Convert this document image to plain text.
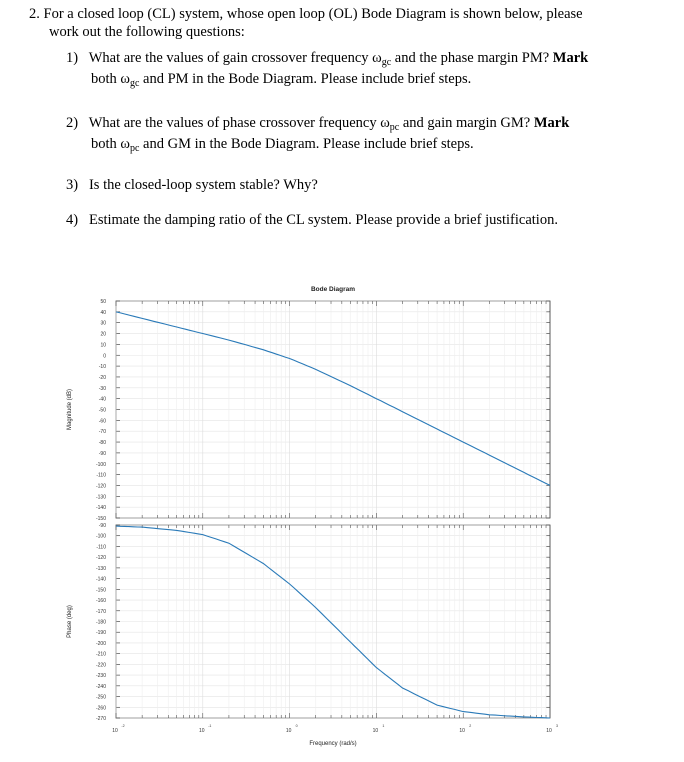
2. For a closed loop (CL) system, whose open loop (OL) Bode Diagram is shown below, please
work out the following questions:
1) What are the values of gain crossover frequency $\omega_{gc}$ and the phase margin PM? Mark
both $\omega_{gc}$ and PM in the Bode Diagram. Please include brief steps.
2) What are the values of phase crossover frequency $\omega_{pc}$ and gain margin GM? Mark
both $\omega_{pc}$ and GM in the Bode Diagram. Please include brief steps.
3) Is the closed-loop system stable? Why?
4) Estimate the damping ratio of the CL system. Please provide a brief justification.
Bode Diagram
50
40
30
20
10
0
-10
-20
-30
-40
-50
-60
-70
-80
-90
-100
-110
-120
-130
-140
-150
Magnitude (dB)
-90
-100
-110
-120
-130
-140
-150
-160
-170
-180
-190
-200
-210
-220
-230
-240
-250
-260
-270
Phase (deg)
10
-2
10
-1
10
0
10
1
10
2
10
3
Frequency (rad/s)
